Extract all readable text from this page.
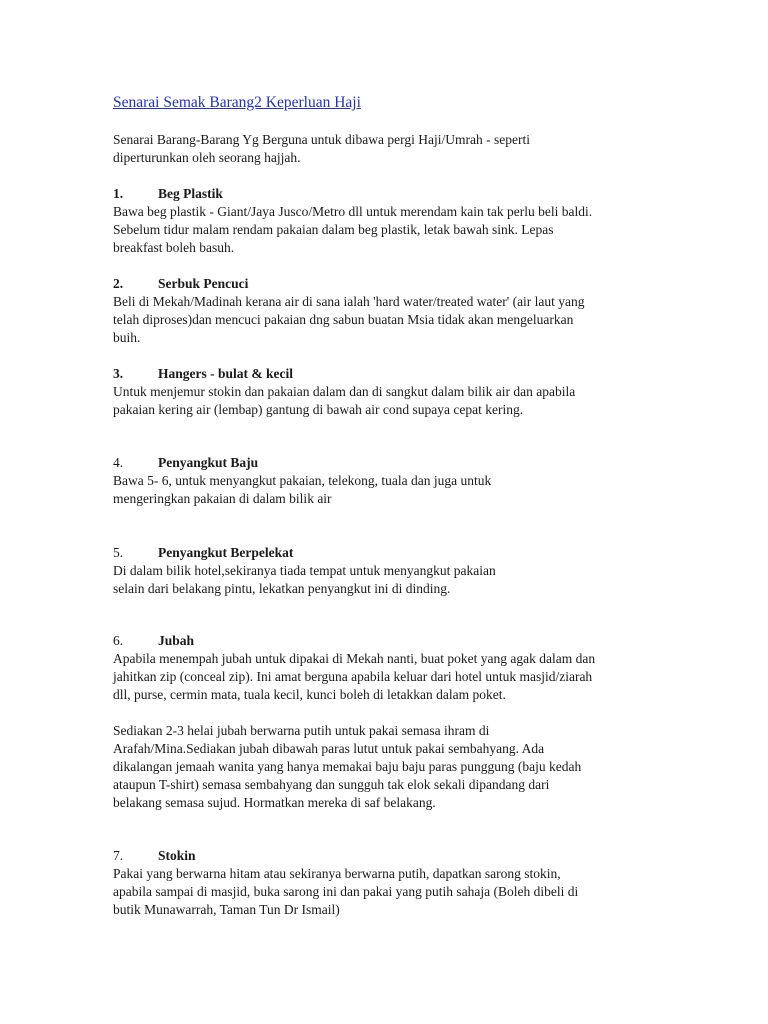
Senarai Semak Barang2 Keperluan Haji
Senarai Barang-Barang Yg Berguna untuk dibawa pergi Haji/Umrah - seperti
diperturunkan oleh seorang hajjah.

1.	Beg Plastik

Bawa beg plastik - Giant/Jaya Jusco/Metro dll untuk merendam kain tak perlu beli baldi.
Sebelum tidur malam rendam pakaian dalam beg plastik, letak bawah sink. Lepas
breakfast boleh basuh.

2.	Serbuk Pencuci

Beli di Mekah/Madinah kerana air di sana ialah 'hard water/treated water' (air laut yang
telah diproses)dan mencuci pakaian dng sabun buatan Msia tidak akan mengeluarkan
buih.

3.	Hangers - bulat & kecil

Untuk menjemur stokin dan pakaian dalam dan di sangkut dalam bilik air dan apabila
pakaian kering air (lembap) gantung di bawah air cond supaya cepat kering.

4.	Penyangkut Baju

Bawa 5- 6, untuk menyangkut pakaian, telekong, tuala dan juga untuk
mengeringkan pakaian di dalam bilik air

5.	Penyangkut Berpelekat

Di dalam bilik hotel,sekiranya tiada tempat untuk menyangkut pakaian
selain dari belakang pintu, lekatkan penyangkut ini di dinding.

6.	Jubah

Apabila menempah jubah untuk dipakai di Mekah nanti, buat poket yang agak dalam dan
jahitkan zip (conceal zip). Ini amat berguna apabila keluar dari hotel untuk masjid/ziarah
dll, purse, cermin mata, tuala kecil, kunci boleh di letakkan dalam poket.

Sediakan 2-3 helai jubah berwarna putih untuk pakai semasa ihram di
Arafah/Mina.Sediakan jubah dibawah paras lutut untuk pakai sembahyang. Ada
dikalangan jemaah wanita yang hanya memakai baju baju paras punggung (baju kedah
ataupun T-shirt) semasa sembahyang dan sungguh tak elok sekali dipandang dari
belakang semasa sujud. Hormatkan mereka di saf belakang.

7.	Stokin

Pakai yang berwarna hitam atau sekiranya berwarna putih, dapatkan sarong stokin,
apabila sampai di masjid, buka sarong ini dan pakai yang putih sahaja (Boleh dibeli di
butik Munawarrah, Taman Tun Dr Ismail)
